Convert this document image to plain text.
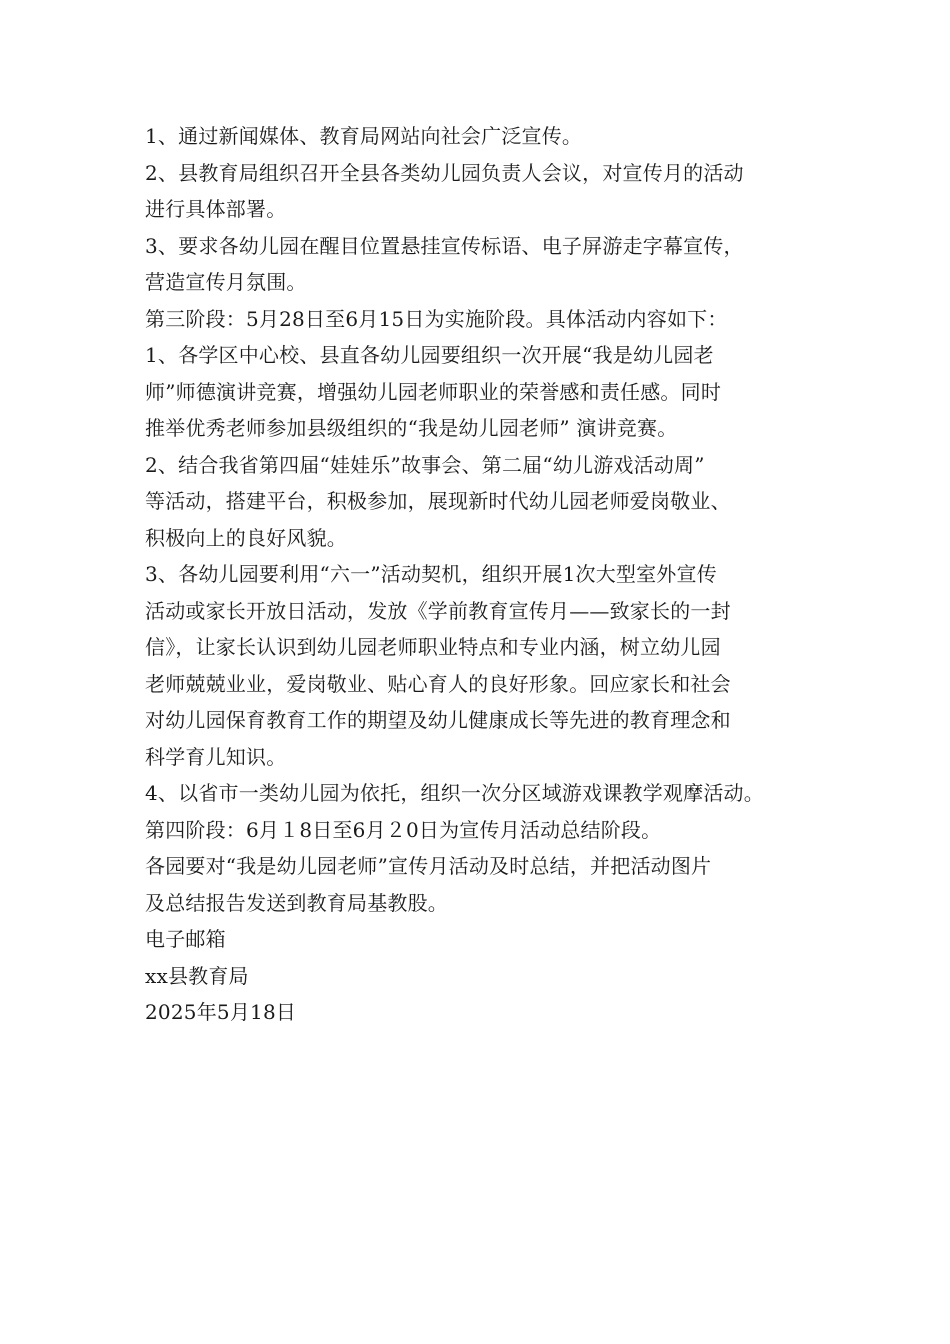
1、通过新闻媒体、教育局网站向社会广泛宣传。
2、县教育局组织召开全县各类幼儿园负责人会议，对宣传月的活动
进行具体部署。
3、要求各幼儿园在醒目位置悬挂宣传标语、电子屏游走字幕宣传，
营造宣传月氛围。
第三阶段：5月28日至6月15日为实施阶段。具体活动内容如下：
1、各学区中心校、县直各幼儿园要组织一次开展“我是幼儿园老
师”师德演讲竞赛，增强幼儿园老师职业的荣誉感和责任感。同时
推举优秀老师参加县级组织的“我是幼儿园老师” 演讲竞赛。
2、结合我省第四届“娃娃乐”故事会、第二届“幼儿游戏活动周”
等活动，搭建平台，积极参加，展现新时代幼儿园老师爱岗敬业、
积极向上的良好风貌。
3、各幼儿园要利用“六一”活动契机，组织开展1次大型室外宣传
活动或家长开放日活动，发放《学前教育宣传月——致家长的一封
信》，让家长认识到幼儿园老师职业特点和专业内涵，树立幼儿园
老师兢兢业业，爱岗敬业、贴心育人的良好形象。回应家长和社会
对幼儿园保育教育工作的期望及幼儿健康成长等先进的教育理念和
科学育儿知识。
4、以省市一类幼儿园为依托，组织一次分区域游戏课教学观摩活动。
第四阶段：6月１8日至6月２0日为宣传月活动总结阶段。
各园要对“我是幼儿园老师”宣传月活动及时总结，并把活动图片
及总结报告发送到教育局基教股。
电子邮箱
xx县教育局
2025年5月18日
